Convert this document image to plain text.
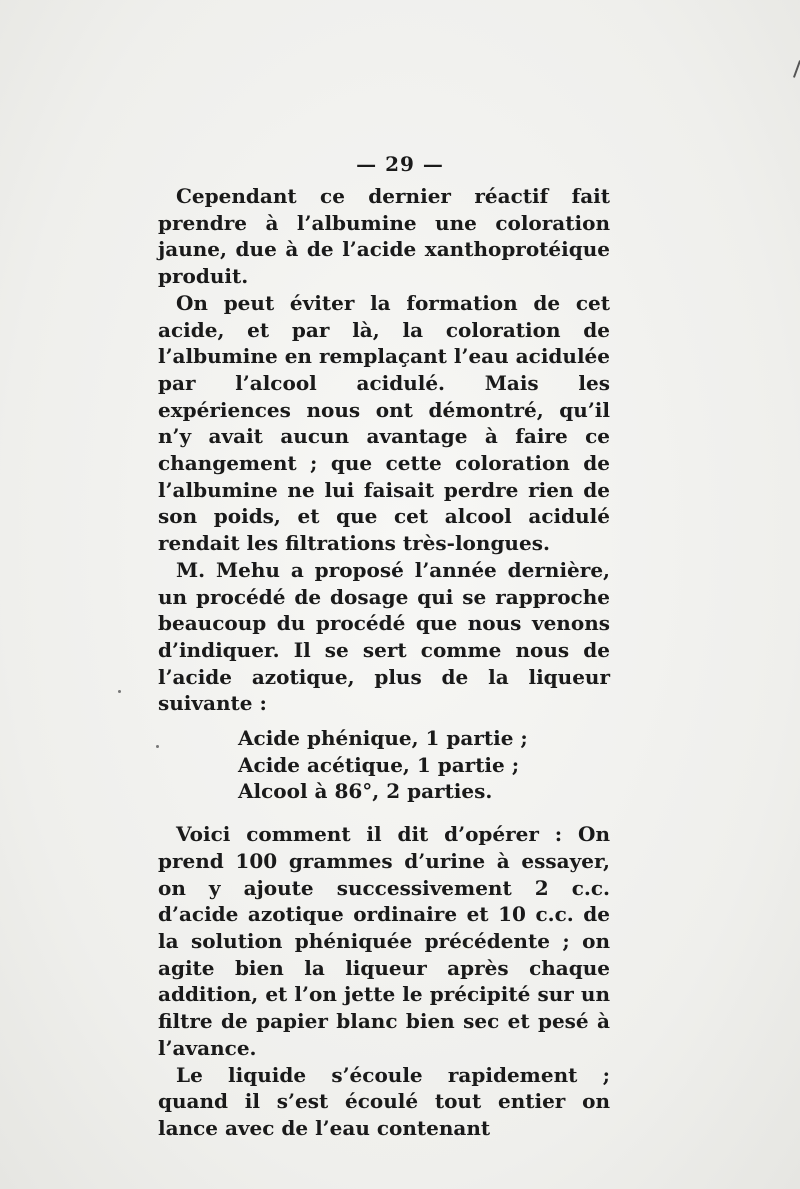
— 29 —

Cependant ce dernier réactif fait prendre à l’albumine une coloration jaune, due à de l’acide xanthoprotéique produit.

On peut éviter la formation de cet acide, et par là, la coloration de l’albumine en remplaçant l’eau acidulée par l’alcool acidulé. Mais les expériences nous ont démontré, qu’il n’y avait aucun avantage à faire ce changement ; que cette coloration de l’albumine ne lui faisait perdre rien de son poids, et que cet alcool acidulé rendait les filtrations très-longues.

M. Mehu a proposé l’année dernière, un procédé de dosage qui se rapproche beaucoup du procédé que nous venons d’indiquer. Il se sert comme nous de l’acide azotique, plus de la liqueur suivante :

Acide phénique, 1 partie ;
Acide acétique, 1 partie ;
Alcool à 86°, 2 parties.

Voici comment il dit d’opérer : On prend 100 grammes d’urine à essayer, on y ajoute successivement 2 c.c. d’acide azotique ordinaire et 10 c.c. de la solution phéniquée précédente ; on agite bien la liqueur après chaque addition, et l’on jette le précipité sur un filtre de papier blanc bien sec et pesé à l’avance.

Le liquide s’écoule rapidement ; quand il s’est écoulé tout entier on lance avec de l’eau contenant
